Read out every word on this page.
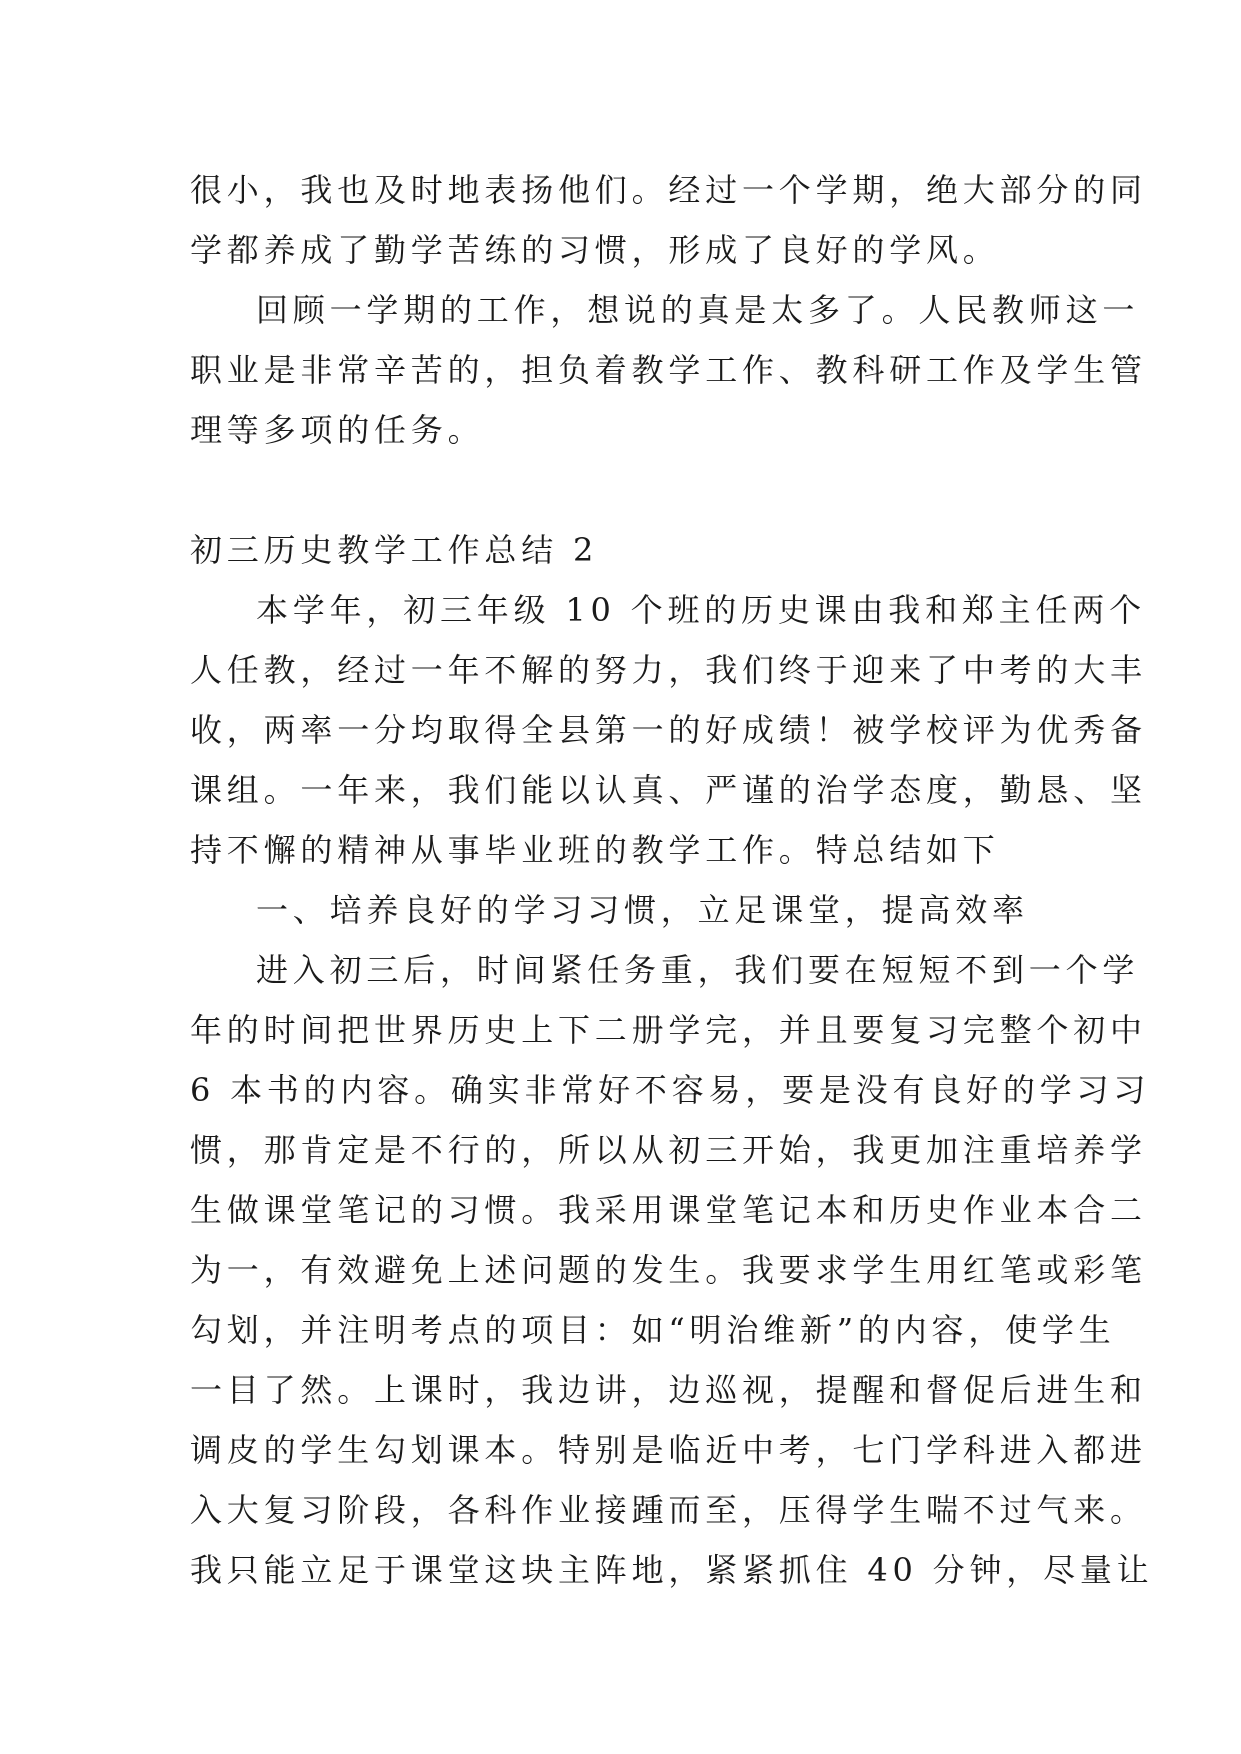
很小，我也及时地表扬他们。经过一个学期，绝大部分的同
学都养成了勤学苦练的习惯，形成了良好的学风。
回顾一学期的工作，想说的真是太多了。人民教师这一
职业是非常辛苦的，担负着教学工作、教科研工作及学生管
理等多项的任务。
初三历史教学工作总结 2
本学年，初三年级 10 个班的历史课由我和郑主任两个
人任教，经过一年不解的努力，我们终于迎来了中考的大丰
收，两率一分均取得全县第一的好成绩！被学校评为优秀备
课组。一年来，我们能以认真、严谨的治学态度，勤恳、坚
持不懈的精神从事毕业班的教学工作。特总结如下
一、培养良好的学习习惯，立足课堂，提高效率
进入初三后，时间紧任务重，我们要在短短不到一个学
年的时间把世界历史上下二册学完，并且要复习完整个初中
6 本书的内容。确实非常好不容易，要是没有良好的学习习
惯，那肯定是不行的，所以从初三开始，我更加注重培养学
生做课堂笔记的习惯。我采用课堂笔记本和历史作业本合二
为一，有效避免上述问题的发生。我要求学生用红笔或彩笔
勾划，并注明考点的项目：如“明治维新”的内容，使学生
一目了然。上课时，我边讲，边巡视，提醒和督促后进生和
调皮的学生勾划课本。特别是临近中考，七门学科进入都进
入大复习阶段，各科作业接踵而至，压得学生喘不过气来。
我只能立足于课堂这块主阵地，紧紧抓住 40 分钟，尽量让
